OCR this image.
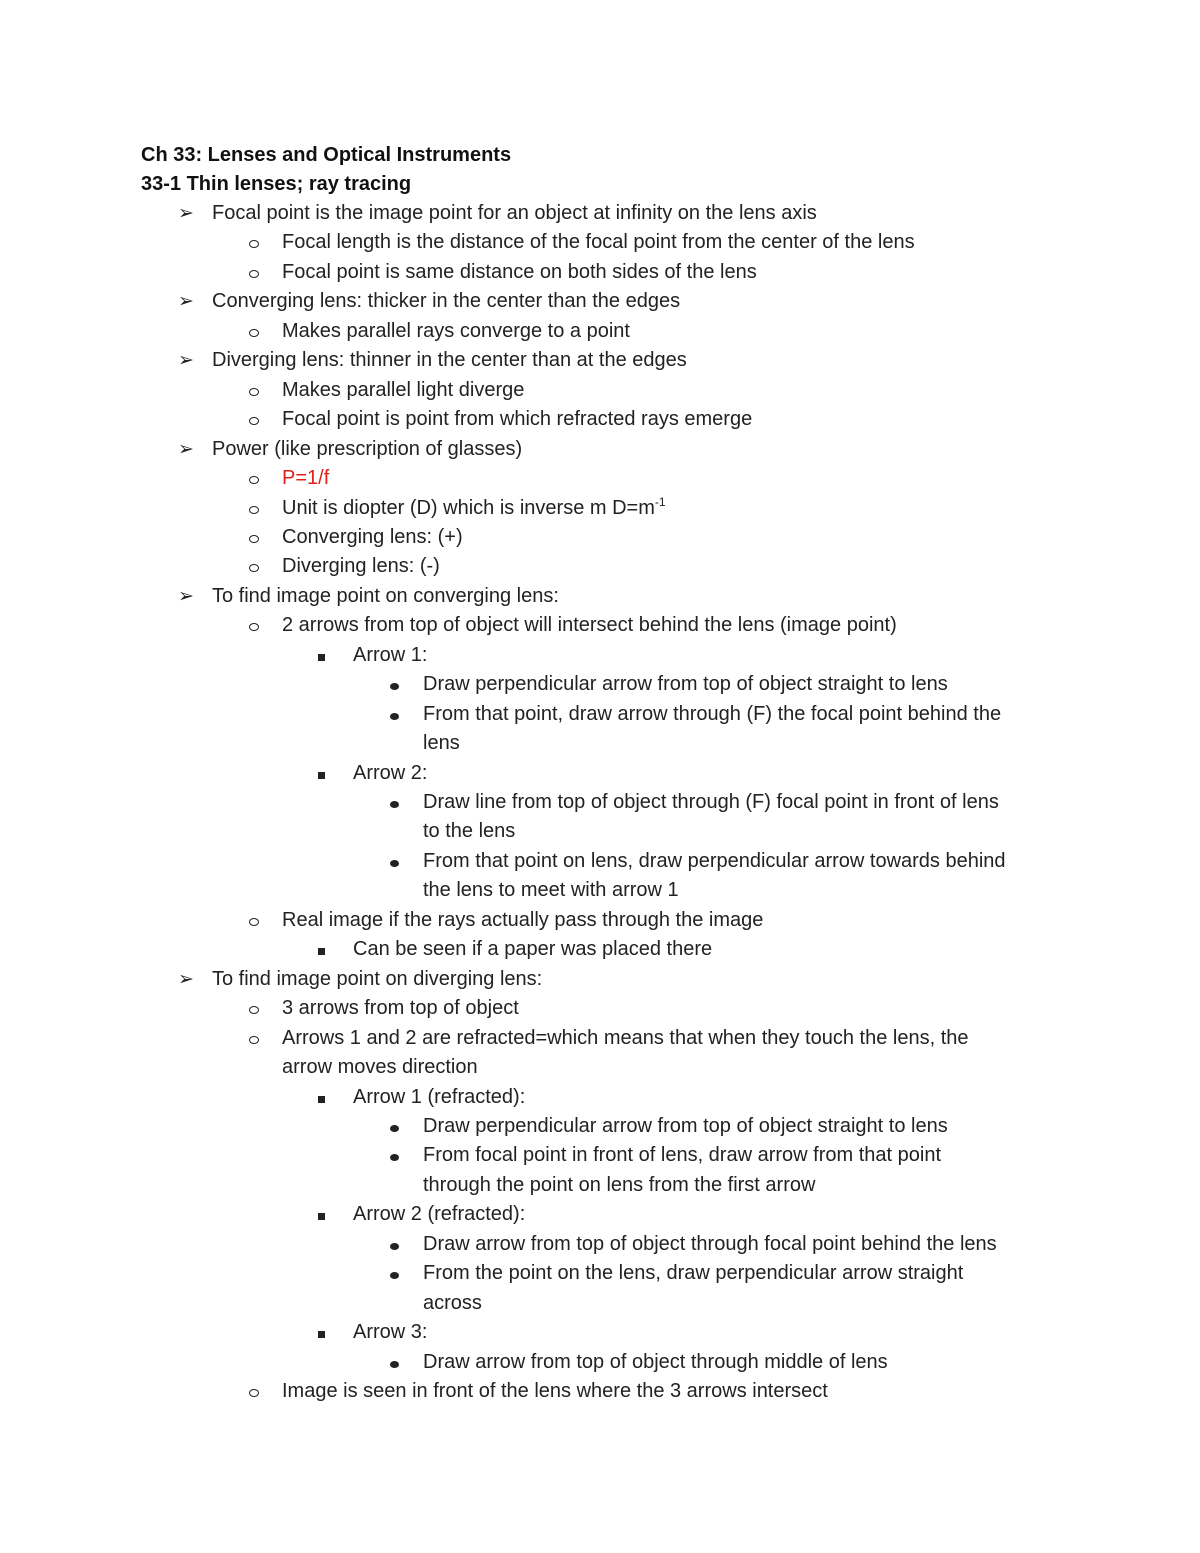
Ch 33: Lenses and Optical Instruments
33-1 Thin lenses; ray tracing
➢ Focal point is the image point for an object at infinity on the lens axis
Focal length is the distance of the focal point from the center of the lens
Focal point is same distance on both sides of the lens
➢ Converging lens: thicker in the center than the edges
Makes parallel rays converge to a point
➢ Diverging lens: thinner in the center than at the edges
Makes parallel light diverge
Focal point is point from which refracted rays emerge
➢ Power (like prescription of glasses)
P=1/f
Unit is diopter (D) which is inverse m $D=m^{-1}$
Converging lens: (+)
Diverging lens: (-)
➢ To find image point on converging lens:
2 arrows from top of object will intersect behind the lens (image point)
Arrow 1:
Draw perpendicular arrow from top of object straight to lens
From that point, draw arrow through (F) the focal point behind the
lens
Arrow 2:
Draw line from top of object through (F) focal point in front of lens
to the lens
From that point on lens, draw perpendicular arrow towards behind
the lens to meet with arrow 1
Real image if the rays actually pass through the image
Can be seen if a paper was placed there
➢ To find image point on diverging lens:
3 arrows from top of object
Arrows 1 and 2 are refracted=which means that when they touch the lens, the
arrow moves direction
Arrow 1 (refracted):
Draw perpendicular arrow from top of object straight to lens
From focal point in front of lens, draw arrow from that point
through the point on lens from the first arrow
Arrow 2 (refracted):
Draw arrow from top of object through focal point behind the lens
From the point on the lens, draw perpendicular arrow straight
across
Arrow 3:
Draw arrow from top of object through middle of lens
Image is seen in front of the lens where the 3 arrows intersect
